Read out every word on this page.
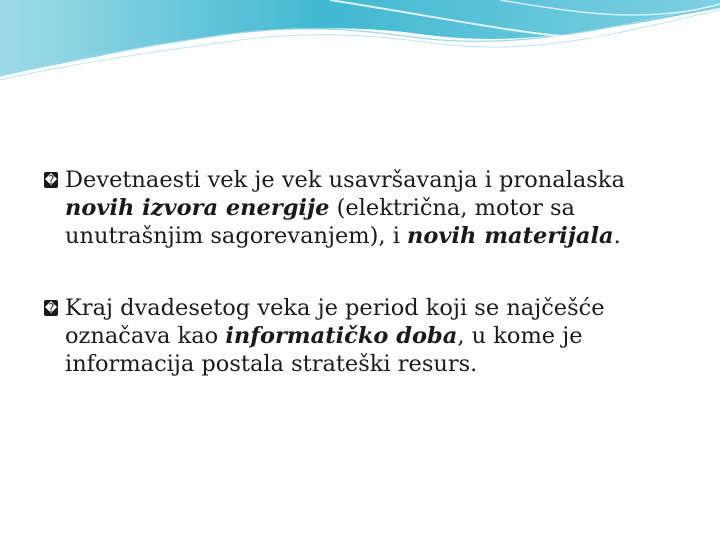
� Devetnaesti vek je vek usavršavanja i pronalaska
novih izvora energije (električna, motor sa
unutrašnjim sagorevanjem), i novih materijala.

� Kraj dvadesetog veka je period koji se najčešće
označava kao informatičko doba, u kome je
informacija postala strateški resurs.
